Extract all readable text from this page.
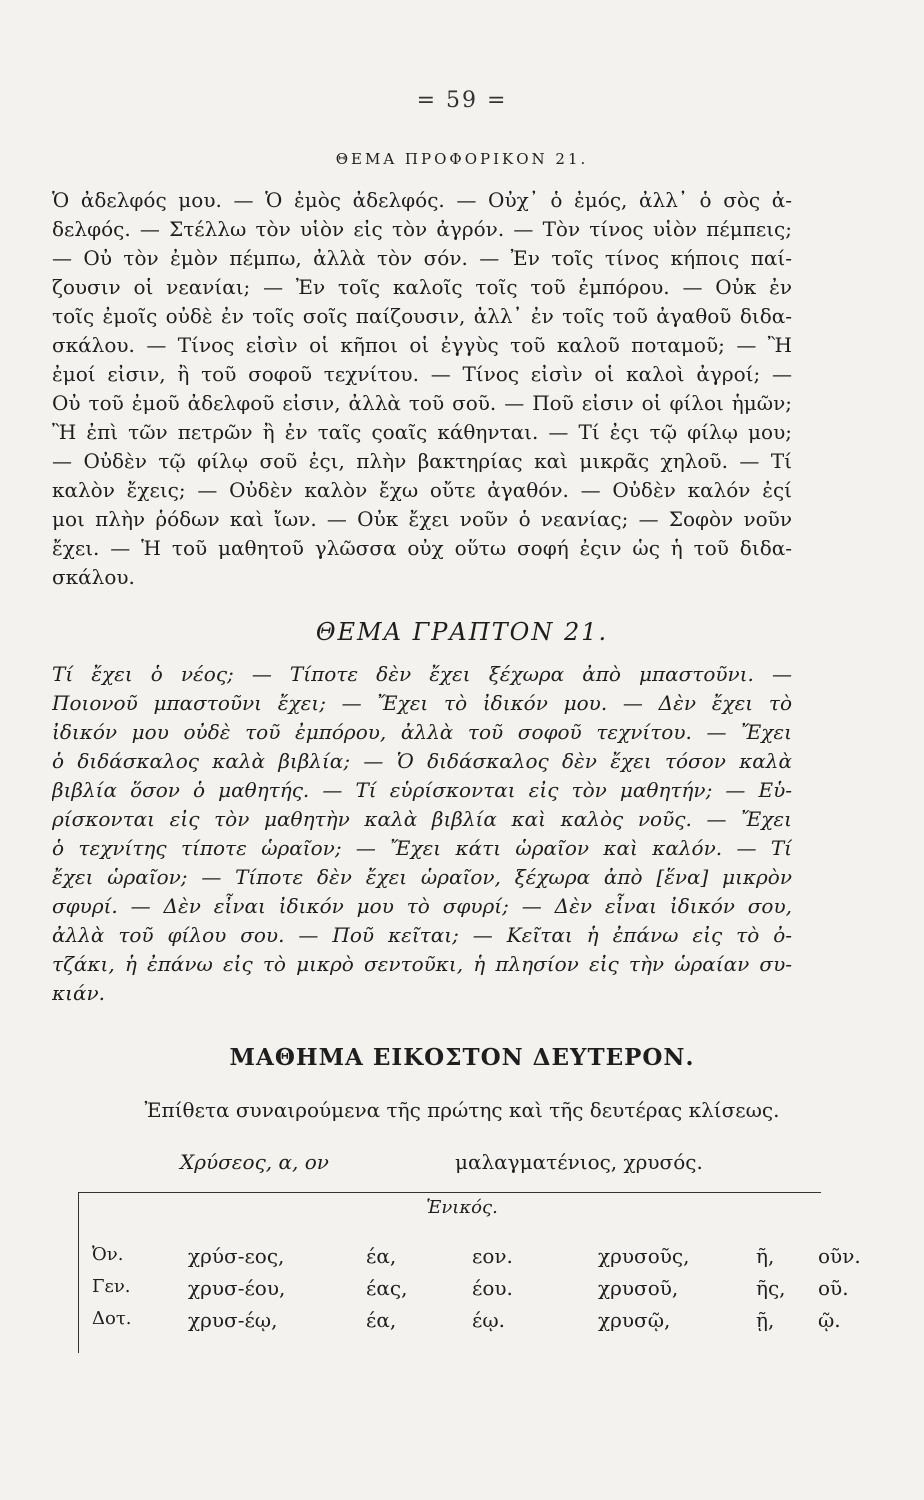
= 59 =
ΘΕΜΑ ΠΡΟΦΟΡΙΚΟΝ 21.
Ὁ ἀδελφός μου. — Ὁ ἐμὸς ἀδελφός. — Οὐχ᾽ ὁ ἐμός, ἀλλ᾽ ὁ σὸς ἀ-
δελφός. — Στέλλω τὸν υἱὸν εἰς τὸν ἀγρόν. — Τὸν τίνος υἱὸν πέμπεις;
— Οὐ τὸν ἐμὸν πέμπω, ἀλλὰ τὸν σόν. — Ἐν τοῖς τίνος κήποις παί-
ζουσιν οἱ νεανίαι; — Ἐν τοῖς καλοῖς τοῖς τοῦ ἐμπόρου. — Οὐκ ἐν
τοῖς ἐμοῖς οὐδὲ ἐν τοῖς σοῖς παίζουσιν, ἀλλ᾽ ἐν τοῖς τοῦ ἀγαθοῦ διδα-
σκάλου. — Τίνος εἰσὶν οἱ κῆποι οἱ ἐγγὺς τοῦ καλοῦ ποταμοῦ; — Ἢ
ἐμοί εἰσιν, ἢ τοῦ σοφοῦ τεχνίτου. — Τίνος εἰσὶν οἱ καλοὶ ἀγροί; —
Οὐ τοῦ ἐμοῦ ἀδελφοῦ εἰσιν, ἀλλὰ τοῦ σοῦ. — Ποῦ εἰσιν οἱ φίλοι ἡμῶν;
Ἢ ἐπὶ τῶν πετρῶν ἢ ἐν ταῖς ςοαῖς κάθηνται. — Τί ἐςι τῷ φίλῳ μου;
— Οὐδὲν τῷ φίλῳ σοῦ ἐςι, πλὴν βακτηρίας καὶ μικρᾶς χηλοῦ. — Τί
καλὸν ἔχεις; — Οὐδὲν καλὸν ἔχω οὔτε ἀγαθόν. — Οὐδὲν καλόν ἐςί
μοι πλὴν ῥόδων καὶ ἴων. — Οὐκ ἔχει νοῦν ὁ νεανίας; — Σοφὸν νοῦν
ἔχει. — Ἡ τοῦ μαθητοῦ γλῶσσα οὐχ οὕτω σοφή ἐςιν ὡς ἡ τοῦ διδα-
σκάλου.
ΘΕΜΑ ΓΡΑΠΤΟΝ 21.
Τί ἔχει ὁ νέος; — Τίποτε δὲν ἔχει ξέχωρα ἀπὸ μπαστοῦνι. —
Ποιονοῦ μπαστοῦνι ἔχει; — Ἔχει τὸ ἰδικόν μου. — Δὲν ἔχει τὸ
ἰδικόν μου οὐδὲ τοῦ ἐμπόρου, ἀλλὰ τοῦ σοφοῦ τεχνίτου. — Ἔχει
ὁ διδάσκαλος καλὰ βιβλία; — Ὁ διδάσκαλος δὲν ἔχει τόσον καλὰ
βιβλία ὅσον ὁ μαθητής. — Τί εὑρίσκονται εἰς τὸν μαθητήν; — Εὑ-
ρίσκονται εἰς τὸν μαθητὴν καλὰ βιβλία καὶ καλὸς νοῦς. — Ἔχει
ὁ τεχνίτης τίποτε ὡραῖον; — Ἔχει κάτι ὡραῖον καὶ καλόν. — Τί
ἔχει ὡραῖον; — Τίποτε δὲν ἔχει ὡραῖον, ξέχωρα ἀπὸ [ἕνα] μικρὸν
σφυρί. — Δὲν εἶναι ἰδικόν μου τὸ σφυρί; — Δὲν εἶναι ἰδικόν σου,
ἀλλὰ τοῦ φίλου σου. — Ποῦ κεῖται; — Κεῖται ἡ ἐπάνω εἰς τὸ ὀ-
τζάκι, ἡ ἐπάνω εἰς τὸ μικρὸ σεντοῦκι, ἡ πλησίον εἰς τὴν ὡραίαν συ-
κιάν.
ΜΑΘΗΜΑ ΕΙΚΟΣΤΟΝ ΔΕΥΤΕΡΟΝ.
Ἐπίθετα συναιρούμενα τῆς πρώτης καὶ τῆς δευτέρας κλίσεως.
Χρύσεος, α, ον	μαλαγματένιος, χρυσός.
Ἑνικός.
Ὀν.	χρύσ-εος,	έα,	εον.	χρυσοῦς,	ῆ, οῦν.
Γεν.	χρυσ-έου,	έας,	έου.	χρυσοῦ,	ῆς, οῦ.
Δοτ.	χρυσ-έῳ,	έα,	έῳ.	χρυσῷ,	ῇ, ῷ.
